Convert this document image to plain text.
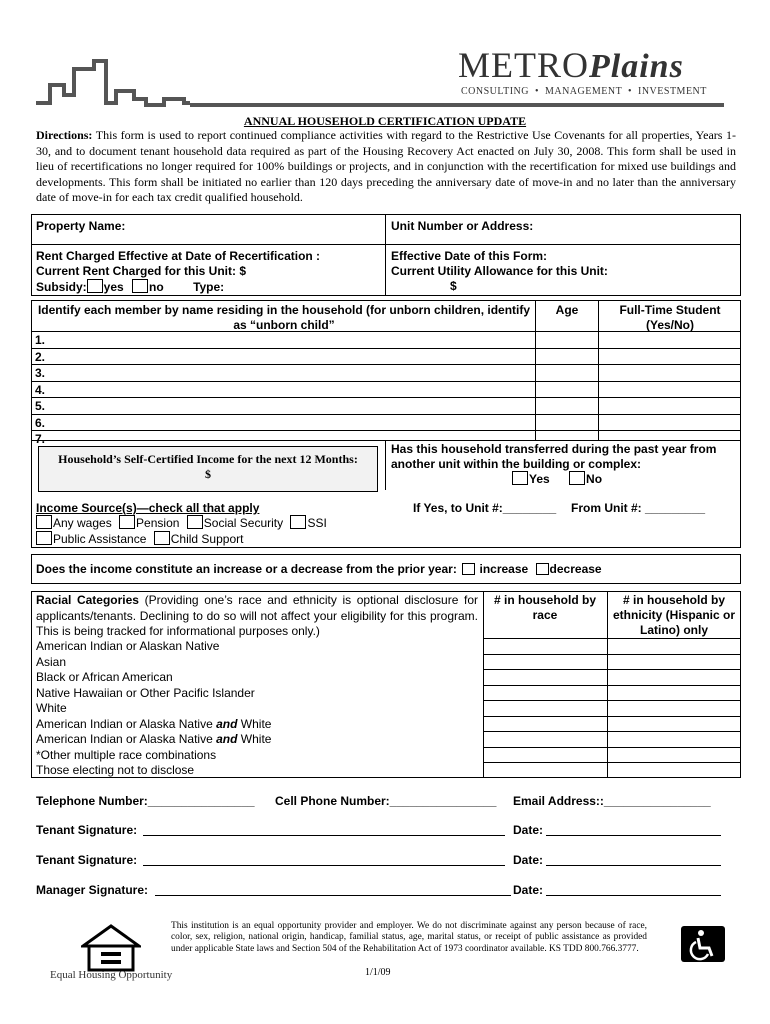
METROPlains
CONSULTING  •  MANAGEMENT  •  INVESTMENT
ANNUAL HOUSEHOLD CERTIFICATION UPDATE
Directions: This form is used to report continued compliance activities with regard to the Restrictive Use Covenants for all properties, Years 1-30, and to document tenant household data required as part of the Housing Recovery Act enacted on July 30, 2008. This form shall be used in lieu of recertifications no longer required for 100% buildings or projects, and in conjunction with the recertification for mixed use buildings and developments. This form shall be initiated no earlier than 120 days preceding the anniversary date of move-in and no later than the anniversary date of move-in for each tax credit qualified household.
Property Name:	Unit Number or Address:
Rent Charged Effective at Date of Recertification :
Current Rent Charged for this Unit: $
Subsidy: yes no Type:
Effective Date of this Form:
Current Utility Allowance for this Unit:
$
Identify each member by name residing in the household (for unborn children, identify as “unborn child”
Age	Full-Time Student (Yes/No)
1.
2.
3.
4.
5.
6.
7.
Household’s Self-Certified Income for the next 12 Months:
$
Has this household transferred during the past year from another unit within the building or complex:
Yes	No
Income Source(s)—check all that apply
Any wages Pension Social Security SSI
Public Assistance Child Support
If Yes, to Unit #:________ From Unit #: _________
Does the income constitute an increase or a decrease from the prior year: increase decrease
Racial Categories (Providing one’s race and ethnicity is optional disclosure for applicants/tenants. Declining to do so will not affect your eligibility for this program. This is being tracked for informational purposes only.)
# in household by race
# in household by ethnicity (Hispanic or Latino) only
American Indian or Alaskan Native
Asian
Black or African American
Native Hawaiian or Other Pacific Islander
White
American Indian or Alaska Native and White
American Indian or Alaska Native and White
*Other multiple race combinations
Those electing not to disclose
Telephone Number:________________ Cell Phone Number:________________ Email Address::________________
Tenant Signature:	Date:
Tenant Signature:	Date:
Manager Signature:	Date:
Equal Housing Opportunity
This institution is an equal opportunity provider and employer. We do not discriminate against any person because of race, color, sex, religion, national origin, handicap, familial status, age, marital status, or receipt of public assistance as provided under applicable State laws and Section 504 of the Rehabilitation Act of 1973 coordinator available. KS TDD 800.766.3777.
1/1/09
